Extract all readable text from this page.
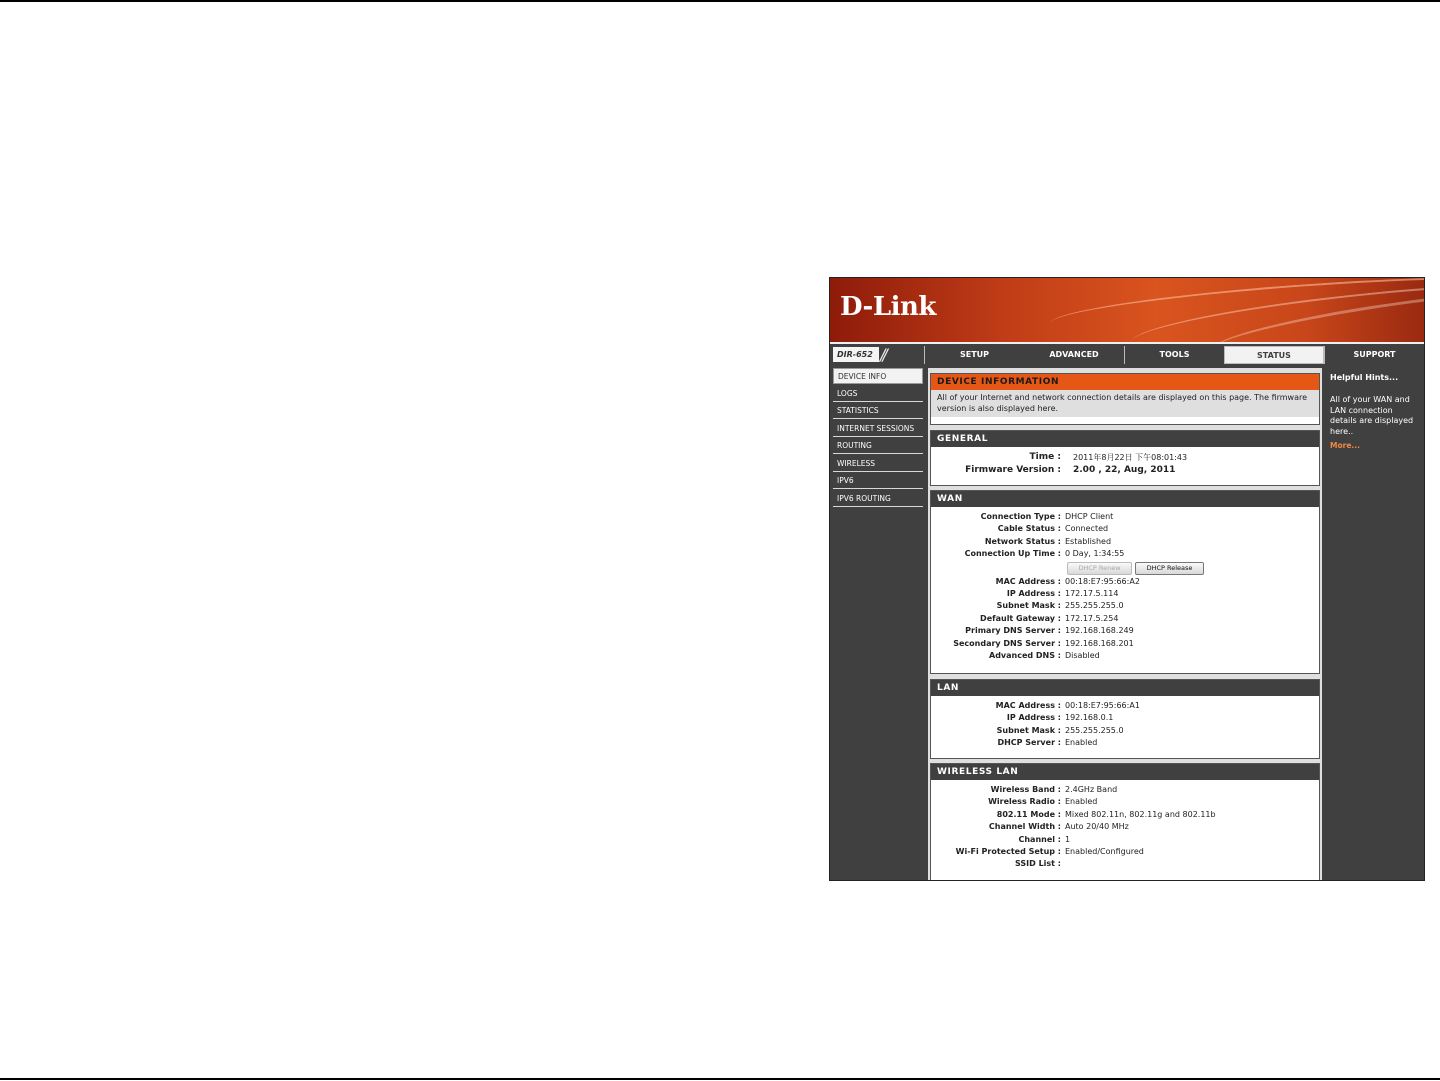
D-Link
DIR-652 //	SETUP	ADVANCED	TOOLS	STATUS	SUPPORT
DEVICE INFO
LOGS
STATISTICS
INTERNET SESSIONS
ROUTING
WIRELESS
IPV6
IPV6 ROUTING
DEVICE INFORMATION
All of your Internet and network connection details are displayed on this page. The firmware version is also displayed here.
GENERAL
Time : 2011年8月22日 下午08:01:43
Firmware Version : 2.00 , 22, Aug, 2011
WAN
Connection Type : DHCP Client
Cable Status : Connected
Network Status : Established
Connection Up Time : 0 Day, 1:34:55
DHCP Renew	DHCP Release
MAC Address : 00:18:E7:95:66:A2
IP Address : 172.17.5.114
Subnet Mask : 255.255.255.0
Default Gateway : 172.17.5.254
Primary DNS Server : 192.168.168.249
Secondary DNS Server : 192.168.168.201
Advanced DNS : Disabled
LAN
MAC Address : 00:18:E7:95:66:A1
IP Address : 192.168.0.1
Subnet Mask : 255.255.255.0
DHCP Server : Enabled
WIRELESS LAN
Wireless Band : 2.4GHz Band
Wireless Radio : Enabled
802.11 Mode : Mixed 802.11n, 802.11g and 802.11b
Channel Width : Auto 20/40 MHz
Channel : 1
Wi-Fi Protected Setup : Enabled/Configured
SSID List :
Helpful Hints...
All of your WAN and LAN connection details are displayed here..
More...
